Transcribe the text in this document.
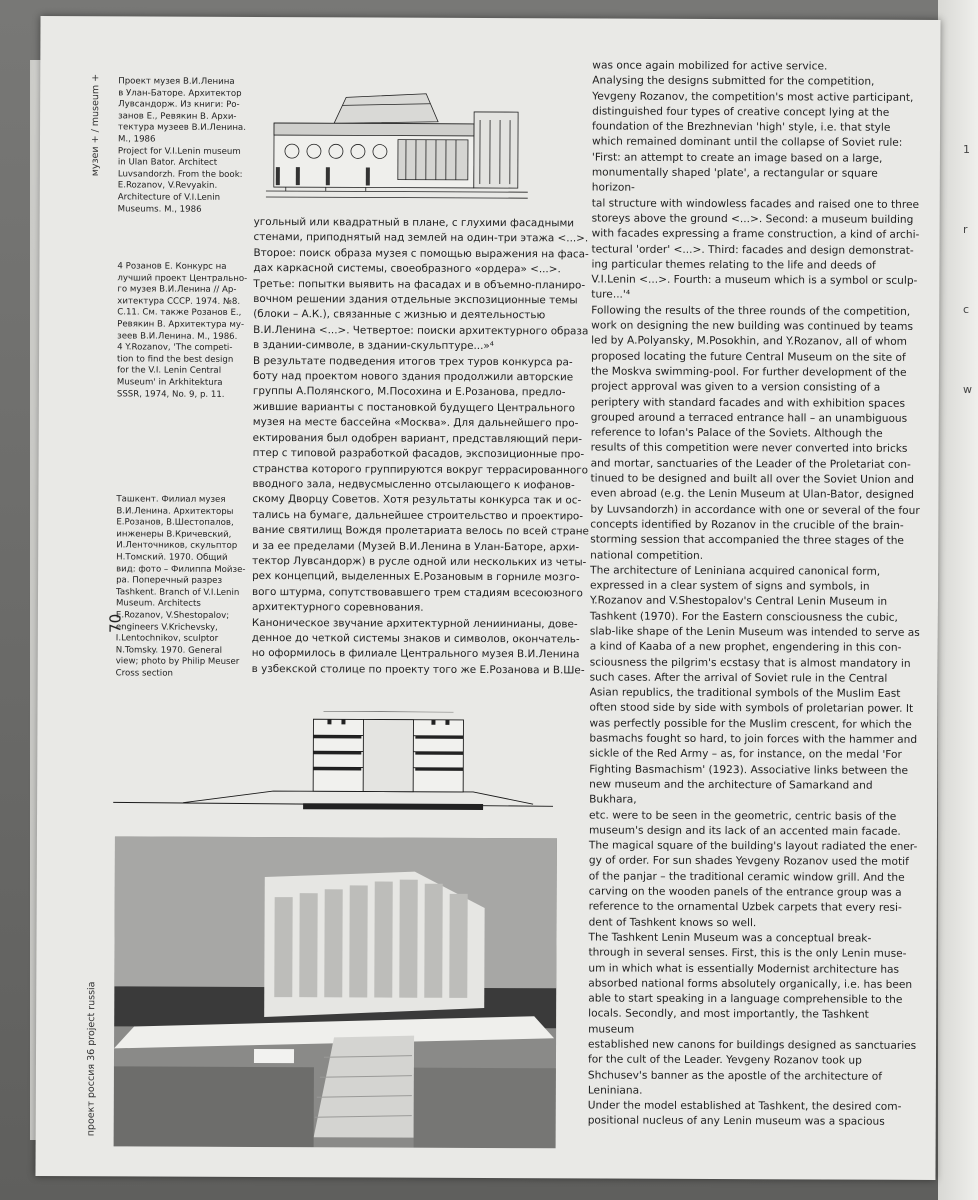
1
r
c
w
музеи + / museum +
проект россия 36 project russia
70
Проект музея В.И.Ленина
в Улан-Баторе. Архитектор
Лувсандорж. Из книги: Ро-
занов Е., Ревякин В. Архи-
тектура музеев В.И.Ленина.
М., 1986
Project for V.I.Lenin museum
in Ulan Bator. Architect
Luvsandorzh. From the book:
E.Rozanov, V.Revyakin.
Architecture of V.I.Lenin
Museums. M., 1986
4 Розанов Е. Конкурс на
лучший проект Центрально-
го музея В.И.Ленина // Ар-
хитектура СССР. 1974. №8.
С.11. См. также Розанов Е.,
Ревякин В. Архитектура му-
зеев В.И.Ленина. М., 1986.
4 Y.Rozanov, 'The competi-
tion to find the best design
for the V.I. Lenin Central
Museum' in Arkhitektura
SSSR, 1974, No. 9, p. 11.
Ташкент. Филиал музея
В.И.Ленина. Архитекторы
Е.Розанов, В.Шестопалов,
инженеры В.Кричевский,
И.Ленточников, скульптор
Н.Томский. 1970. Общий
вид: фото – Филиппа Мойзе-
ра. Поперечный разрез
Tashkent. Branch of V.I.Lenin
Museum. Architects
E.Rozanov, V.Shestopalov;
engineers V.Krichevsky,
I.Lentochnikov, sculptor
N.Tomsky. 1970. General
view; photo by Philip Meuser
Cross section
угольный или квадратный в плане, с глухими фасадными
стенами, приподнятый над землей на один-три этажа <...>.
Второе: поиск образа музея с помощью выражения на фаса-
дах каркасной системы, своеобразного «ордера» <...>.
Третье: попытки выявить на фасадах и в объемно-планиро-
вочном решении здания отдельные экспозиционные темы
(блоки – А.К.), связанные с жизнью и деятельностью
В.И.Ленина <...>. Четвертое: поиски архитектурного образа
в здании-символе, в здании-скульптуре...»⁴
В результате подведения итогов трех туров конкурса ра-
боту над проектом нового здания продолжили авторские
группы А.Полянского, М.Посохина и Е.Розанова, предло-
жившие варианты с постановкой будущего Центрального
музея на месте бассейна «Москва». Для дальнейшего про-
ектирования был одобрен вариант, представляющий пери-
птер с типовой разработкой фасадов, экспозиционные про-
странства которого группируются вокруг террасированного
вводного зала, недвусмысленно отсылающего к иофанов-
скому Дворцу Советов. Хотя результаты конкурса так и ос-
тались на бумаге, дальнейшее строительство и проектиро-
вание святилищ Вождя пролетариата велось по всей стране
и за ее пределами (Музей В.И.Ленина в Улан-Баторе, архи-
тектор Лувсандорж) в русле одной или нескольких из четы-
рех концепций, выделенных Е.Розановым в горниле мозго-
вого штурма, сопутствовавшего трем стадиям всесоюзного
архитектурного соревнования.
Каноническое звучание архитектурной лениинианы, дове-
денное до четкой системы знаков и символов, окончатель-
но оформилось в филиале Центрального музея В.И.Ленина
в узбекской столице по проекту того же Е.Розанова и В.Ше-
was once again mobilized for active service.
Analysing the designs submitted for the competition,
Yevgeny Rozanov, the competition's most active participant,
distinguished four types of creative concept lying at the
foundation of the Brezhnevian 'high' style, i.e. that style
which remained dominant until the collapse of Soviet rule:
'First: an attempt to create an image based on a large,
monumentally shaped 'plate', a rectangular or square horizon-
tal structure with windowless facades and raised one to three
storeys above the ground <...>. Second: a museum building
with facades expressing a frame construction, a kind of archi-
tectural 'order' <...>. Third: facades and design demonstrat-
ing particular themes relating to the life and deeds of
V.I.Lenin <...>. Fourth: a museum which is a symbol or sculp-
ture...'⁴
Following the results of the three rounds of the competition,
work on designing the new building was continued by teams
led by A.Polyansky, M.Posokhin, and Y.Rozanov, all of whom
proposed locating the future Central Museum on the site of
the Moskva swimming-pool. For further development of the
project approval was given to a version consisting of a
periptery with standard facades and with exhibition spaces
grouped around a terraced entrance hall – an unambiguous
reference to Iofan's Palace of the Soviets. Although the
results of this competition were never converted into bricks
and mortar, sanctuaries of the Leader of the Proletariat con-
tinued to be designed and built all over the Soviet Union and
even abroad (e.g. the Lenin Museum at Ulan-Bator, designed
by Luvsandorzh) in accordance with one or several of the four
concepts identified by Rozanov in the crucible of the brain-
storming session that accompanied the three stages of the
national competition.
The architecture of Leniniana acquired canonical form,
expressed in a clear system of signs and symbols, in
Y.Rozanov and V.Shestopalov's Central Lenin Museum in
Tashkent (1970). For the Eastern consciousness the cubic,
slab-like shape of the Lenin Museum was intended to serve as
a kind of Kaaba of a new prophet, engendering in this con-
sciousness the pilgrim's ecstasy that is almost mandatory in
such cases. After the arrival of Soviet rule in the Central
Asian republics, the traditional symbols of the Muslim East
often stood side by side with symbols of proletarian power. It
was perfectly possible for the Muslim crescent, for which the
basmachs fought so hard, to join forces with the hammer and
sickle of the Red Army – as, for instance, on the medal 'For
Fighting Basmachism' (1923). Associative links between the
new museum and the architecture of Samarkand and Bukhara,
etc. were to be seen in the geometric, centric basis of the
museum's design and its lack of an accented main facade.
The magical square of the building's layout radiated the ener-
gy of order. For sun shades Yevgeny Rozanov used the motif
of the panjar – the traditional ceramic window grill. And the
carving on the wooden panels of the entrance group was a
reference to the ornamental Uzbek carpets that every resi-
dent of Tashkent knows so well.
The Tashkent Lenin Museum was a conceptual break-
through in several senses. First, this is the only Lenin muse-
um in which what is essentially Modernist architecture has
absorbed national forms absolutely organically, i.e. has been
able to start speaking in a language comprehensible to the
locals. Secondly, and most importantly, the Tashkent museum
established new canons for buildings designed as sanctuaries
for the cult of the Leader. Yevgeny Rozanov took up
Shchusev's banner as the apostle of the architecture of
Leniniana.
Under the model established at Tashkent, the desired com-
positional nucleus of any Lenin museum was a spacious
